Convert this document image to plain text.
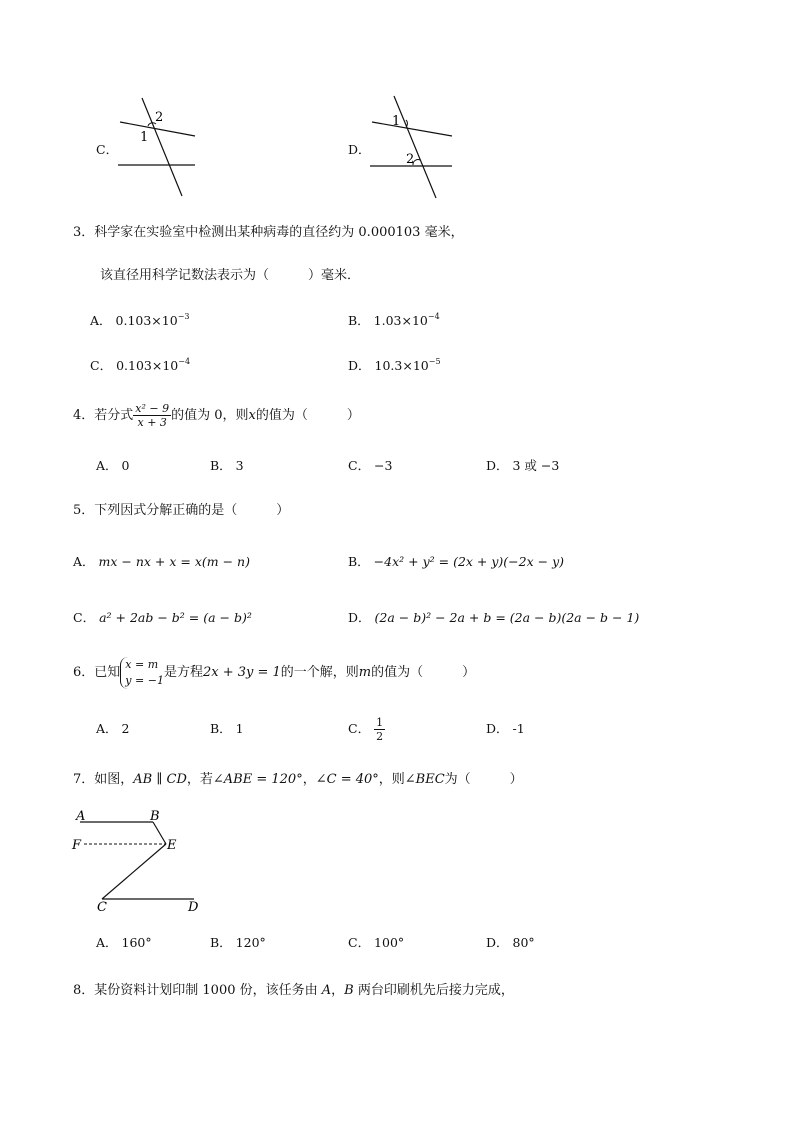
C．
1
2
D．
1
2
3．科学家在实验室中检测出某种病毒的直径约为 0.000103 毫米，
该直径用科学记数法表示为（　　　）毫米．
A． $0.103\times 10^{-3}$	B． $1.03\times 10^{-4}$
C． $0.103\times 10^{-4}$	D． $10.3\times 10^{-5}$
4．若分式 $\frac{\text{x² − 9}}{x + 3}$ 的值为 0，则x的值为（　　　）
A． 0	B． 3	C． −3	D． 3 或 −3
5．下列因式分解正确的是（　　　）
A． mx − nx + x = x(m − n)	B． −4x² + y² = (2x + y)(−2x − y)
C． a² + 2ab − b² = (a − b)²	D． (2a − b)² − 2a + b = (2a − b)(2a − b − 1)
6．已知
x = m
y = −1 是方程2x + 3y = 1的一个解，则m的值为（　　　）
A． 2	B． 1	C． $\frac{1}{2}$	D． -1
7．如图，AB ∥ CD，若∠ABE = 120°，∠C = 40°，则∠BEC为（　　　）
A	B
F	E
C	D
A． 160°	B． 120°	C． 100°	D． 80°
8．某份资料计划印制 1000 份，该任务由 A，B 两台印刷机先后接力完成，
